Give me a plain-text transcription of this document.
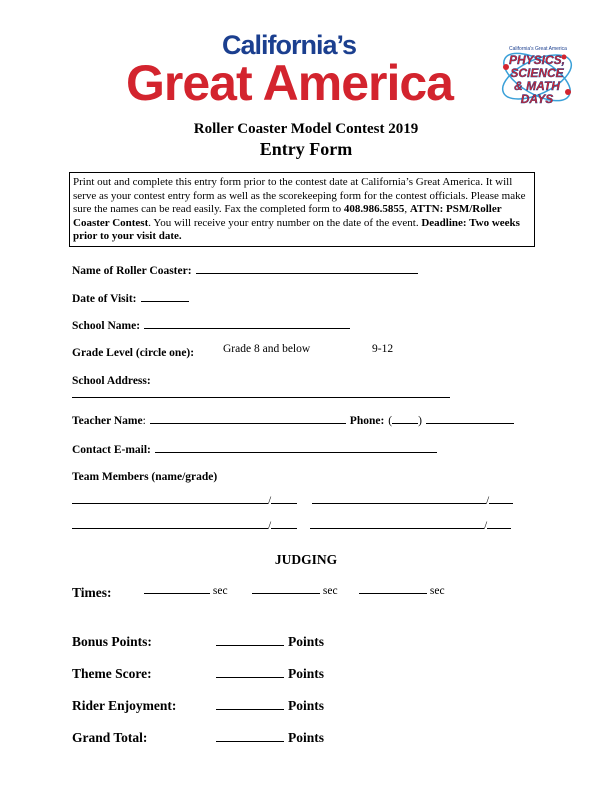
California’s
Great America
California's Great America
PHYSICS,
SCIENCE
& MATH
DAYS
Roller Coaster Model Contest 2019
Entry Form
Print out and complete this entry form prior to the contest date at California’s Great America. It will serve as your contest entry form as well as the scorekeeping form for the contest officials. Please make sure the names can be read easily. Fax the completed form to 408.986.5855, ATTN: PSM/Roller Coaster Contest. You will receive your entry number on the date of the event. Deadline: Two weeks prior to your visit date.
Name of Roller Coaster:
Date of Visit:
School Name:
Grade Level (circle one):	Grade 8 and below	9-12
School Address:
Teacher Name:	Phone: ( )
Contact E-mail:
Team Members (name/grade)
/	/
/	/
JUDGING
Times:	sec	sec	sec
Bonus Points:	Points
Theme Score:	Points
Rider Enjoyment:	Points
Grand Total:	Points
